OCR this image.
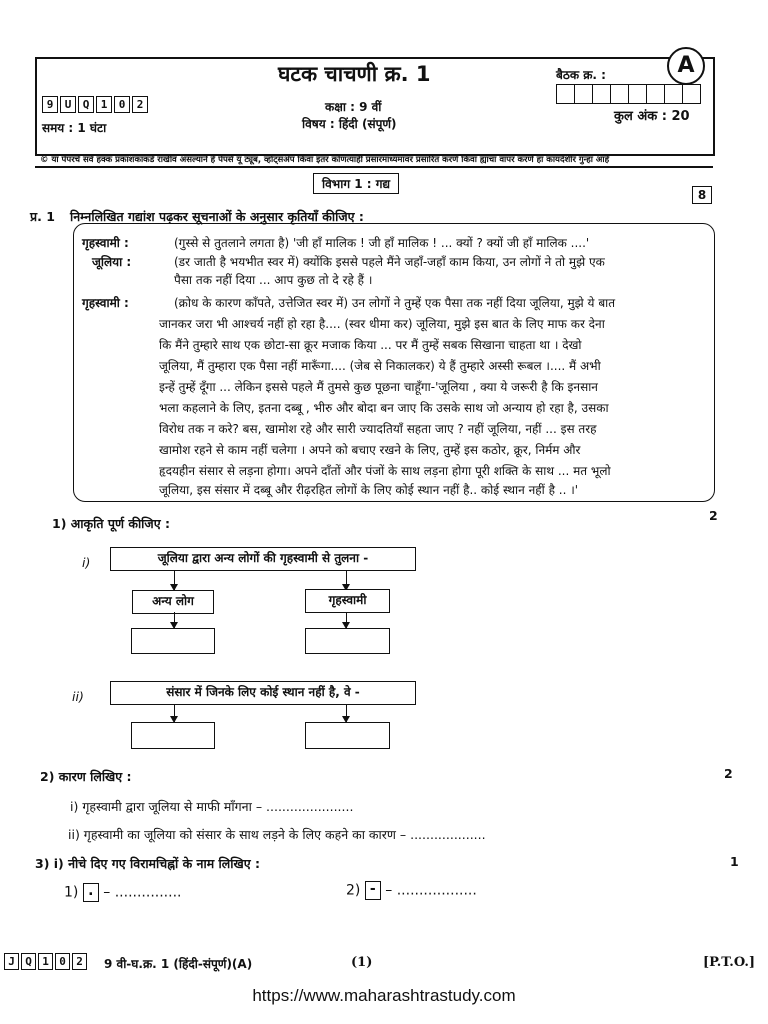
घटक चाचणी क्र. 1	बैठक क्र. :	A
9	U	Q	1	0	2	कक्षा : 9 वीं
विषय : हिंदी (संपूर्ण)
समय : 1 घंटा
कुल अंक : 20
© या पेपरचे सर्व हक्क प्रकाशकांकडे राखीव असल्याने हे पेपर्स यू ट्यूब, व्हॉट्सअ‍ॅप किंवा इतर कोणत्याही प्रसारमाध्यमांवर प्रसारित करणे किंवा ह्यांचा वापर करणे हा कायदेशीर गुन्हा आहे
विभाग 1 : गद्य
8
प्र. 1 निम्नलिखित गद्यांश पढ़कर सूचनाओं के अनुसार कृतियाँ कीजिए :
गृहस्वामी :	(गुस्से से तुतलाने लगता है) 'जी हाँ मालिक ! जी हाँ मालिक ! ... क्यों ? क्यों जी हाँ मालिक ....'
जूलिया :	(डर जाती है भयभीत स्वर में) क्योंकि इससे पहले मैंने जहाँ-जहाँ काम किया, उन लोगों ने तो मुझे एक
पैसा तक नहीं दिया ... आप कुछ तो दे रहे हैं ।
गृहस्वामी :	(क्रोध के कारण काँपते, उत्तेजित स्वर में) उन लोगों ने तुम्हें एक पैसा तक नहीं दिया जूलिया, मुझे ये बात
जानकर जरा भी आश्चर्य नहीं हो रहा है.... (स्वर धीमा कर) जूलिया, मुझे इस बात के लिए माफ कर देना
कि मैंने तुम्हारे साथ एक छोटा-सा क्रूर मजाक किया ... पर मैं तुम्हें सबक सिखाना चाहता था । देखो
जूलिया, मैं तुम्हारा एक पैसा नहीं मारूँगा.... (जेब से निकालकर) ये हैं तुम्हारे अस्सी रूबल ।.... मैं अभी
इन्हें तुम्हें दूँगा ... लेकिन इससे पहले मैं तुमसे कुछ पूछना चाहूँगा-'जूलिया , क्या ये जरूरी है कि इनसान
भला कहलाने के लिए, इतना दब्बू , भीरु और बोदा बन जाए कि उसके साथ जो अन्याय हो रहा है, उसका
विरोध तक न करे? बस, खामोश रहे और सारी ज्यादतियाँ सहता जाए ? नहीं जूलिया, नहीं ... इस तरह
खामोश रहने से काम नहीं चलेगा । अपने को बचाए रखने के लिए, तुम्हें इस कठोर, क्रूर, निर्मम और
हृदयहीन संसार से लड़ना होगा। अपने दाँतों और पंजों के साथ लड़ना होगा पूरी शक्ति के साथ ... मत भूलो
जूलिया, इस संसार में दब्बू और रीढ़रहित लोगों के लिए कोई स्थान नहीं है.. कोई स्थान नहीं है .. ।'
1) आकृति पूर्ण कीजिए :
2
i)	जूलिया द्वारा अन्य लोगों की गृहस्वामी से तुलना -
अन्य लोग	गृहस्वामी
ii)	संसार में जिनके लिए कोई स्थान नहीं है, वे -
2) कारण लिखिए :	2
i) गृहस्वामी द्वारा जूलिया से माफी माँगना – ......................
ii) गृहस्वामी का जूलिया को संसार के साथ लड़ने के लिए कहने का कारण – ...................
3) i) नीचे दिए गए विरामचिह्नों के नाम लिखिए :	1
1) . – ...............	2) - – ..................
J Q 1 0 2	9 वी-घ.क्र. 1 (हिंदी-संपूर्ण)(A)	(1)	[P.T.O.]
https://www.maharashtrastudy.com
